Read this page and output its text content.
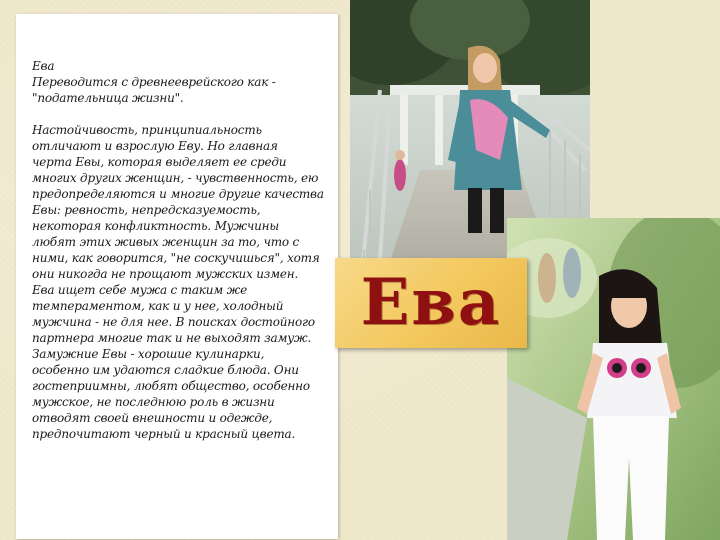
Ева

Переводится с древнееврейского как -

"подательница жизни".

Настойчивость, принципиальность

отличают и взрослую Еву. Но главная

черта Евы, которая выделяет ее среди

многих других женщин, - чувственность, ею

предопределяются и многие другие качества

Евы: ревность, непредсказуемость,

некоторая конфликтность. Мужчины

любят этих живых женщин за то, что с

ними, как говорится, "не соскучишься", хотя

они никогда не прощают мужских измен.

Ева ищет себе мужа с таким же

темпераментом, как и у нее, холодный

мужчина - не для нее. В поисках достойного

партнера многие так и не выходят замуж.

Замужние Евы - хорошие кулинарки,

особенно им удаются сладкие блюда. Они

гостеприимны, любят общество, особенно

мужское, не последнюю роль в жизни

отводят своей внешности и одежде,

предпочитают черный и красный цвета.

Ева
